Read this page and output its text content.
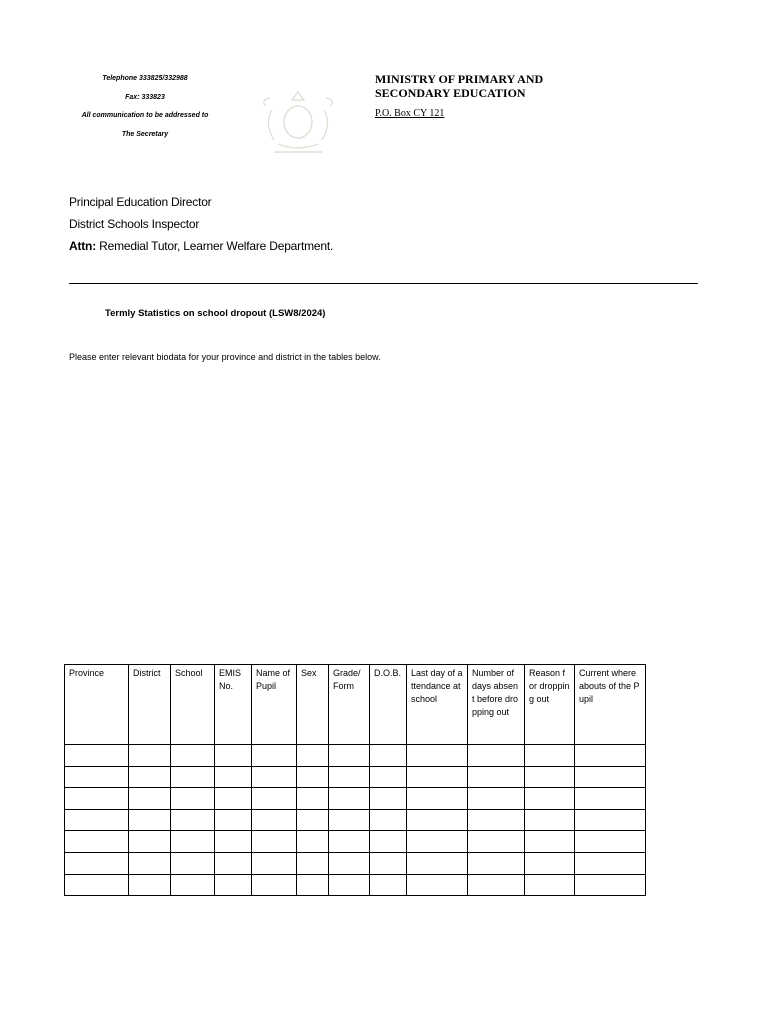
Telephone 333825/332988
Fax: 333823
All communication to be addressed to
The Secretary
MINISTRY OF PRIMARY AND
SECONDARY EDUCATION
P.O. Box CY 121
Principal Education Director
District Schools Inspector
Attn: Remedial Tutor, Learner Welfare Department.
Termly Statistics on school dropout (LSW8/2024)
Please enter relevant biodata for your province and district in the tables below.
Province	District	School	EMIS No.	Name of Pupil	Sex	Grade/ Form	D.O.B.	Last day of attendance at school	Number of days absent before dropping out	Reason for dropping out	Current whereabouts of the Pupil
